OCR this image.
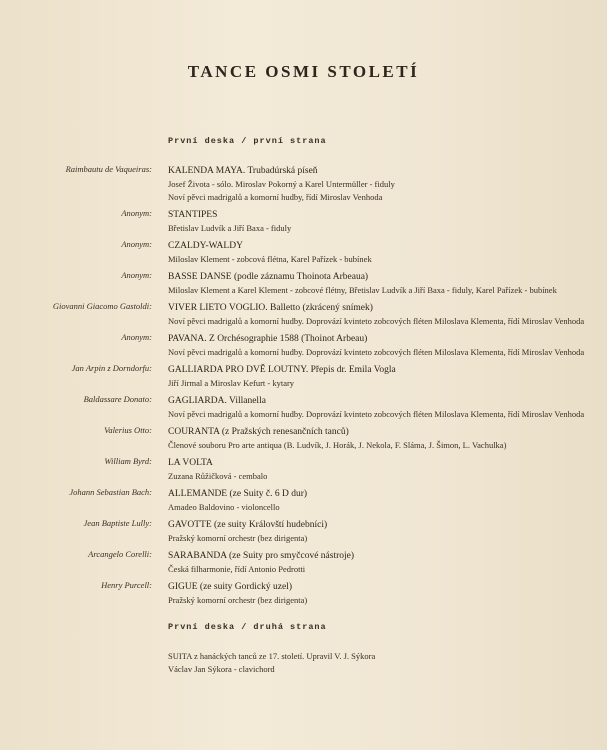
TANCE OSMI STOLETÍ
První deska / první strana
Raimbautu de Vaqueiras: KALENDA MAYA. Trubadúrská píseň
Josef Života - sólo. Miroslav Pokorný a Karel Untermüller - fiduly
Noví pěvci madrigalů a komorní hudby, řídí Miroslav Venhoda
Anonym: STANTIPES
Břetislav Ludvík a Jiří Baxa - fiduly
Anonym: CZALDY-WALDY
Miloslav Klement - zobcová flétna, Karel Pařízek - bubínek
Anonym: BASSE DANSE (podle záznamu Thoinota Arbeaua)
Miloslav Klement a Karel Klement - zobcové flétny, Břetislav Ludvík a Jiří Baxa - fiduly, Karel Pařízek - bubínek
Giovanni Giacomo Gastoldi: VIVER LIETO VOGLIO. Balletto (zkrácený snímek)
Noví pěvci madrigalů a komorní hudby. Doprovází kvinteto zobcových fléten Miloslava Klementa, řídí Miroslav Venhoda
Anonym: PAVANA. Z Orchésographie 1588 (Thoinot Arbeau)
Noví pěvci madrigalů a komorní hudby. Doprovází kvinteto zobcových fléten Miloslava Klementa, řídí Miroslav Venhoda
Jan Arpin z Dorndorfu: GALLIARDA PRO DVĚ LOUTNY. Přepis dr. Emila Vogla
Jiří Jirmal a Miroslav Kefurt - kytary
Baldassare Donato: GAGLIARDA. Villanella
Noví pěvci madrigalů a komorní hudby. Doprovází kvinteto zobcových fléten Miloslava Klementa, řídí Miroslav Venhoda
Valerius Otto: COURANTA (z Pražských renesančních tanců)
Členové souboru Pro arte antiqua (B. Ludvík, J. Horák, J. Nekola, F. Sláma, J. Šimon, L. Vachulka)
William Byrd: LA VOLTA
Zuzana Růžičková - cembalo
Johann Sebastian Bach: ALLEMANDE (ze Suity č. 6 D dur)
Amadeo Baldovino - violoncello
Jean Baptiste Lully: GAVOTTE (ze suity Královští hudebníci)
Pražský komorní orchestr (bez dirigenta)
Arcangelo Corelli: SARABANDA (ze Suity pro smyčcové nástroje)
Česká filharmonie, řídí Antonio Pedrotti
Henry Purcell: GIGUE (ze suity Gordický uzel)
Pražský komorní orchestr (bez dirigenta)
První deska / druhá strana
SUITA z hanáckých tanců ze 17. století. Upravil V. J. Sýkora
Václav Jan Sýkora - clavichord
